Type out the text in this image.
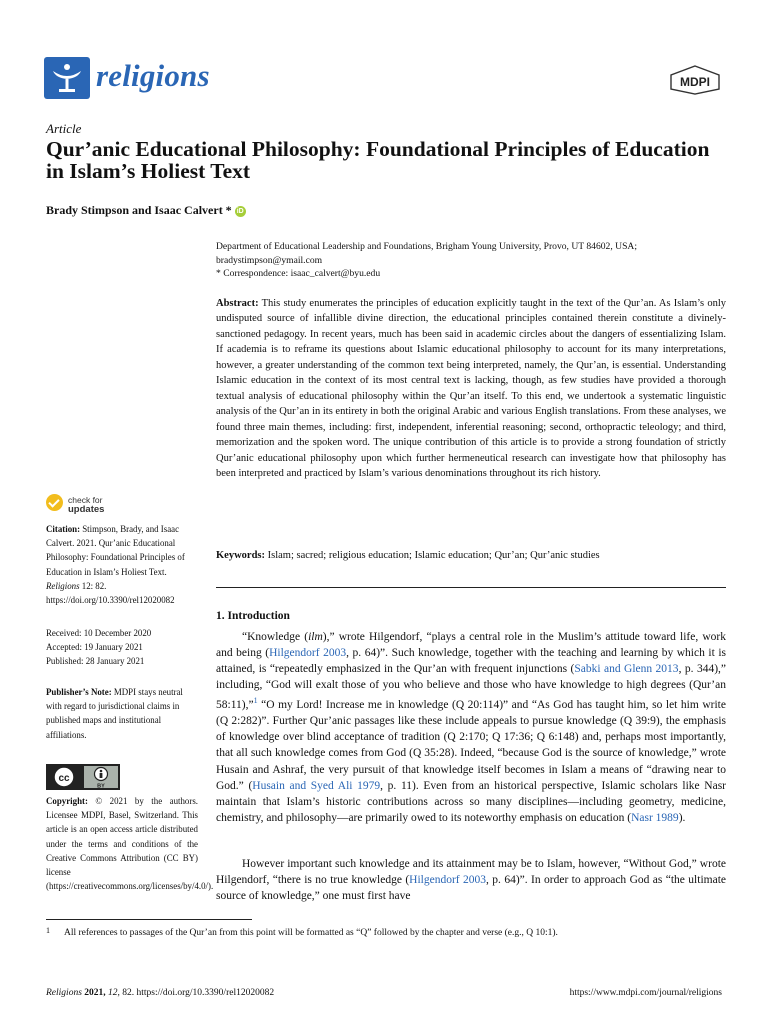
religions	MDPI
Article
Qur’anic Educational Philosophy: Foundational Principles of Education in Islam’s Holiest Text
Brady Stimpson and Isaac Calvert * iD
Department of Educational Leadership and Foundations, Brigham Young University, Provo, UT 84602, USA;
bradystimpson@ymail.com
* Correspondence: isaac_calvert@byu.edu

Abstract: This study enumerates the principles of education explicitly taught in the text of the Qur’an. As Islam’s only undisputed source of infallible divine direction, the educational principles contained therein constitute a divinely-sanctioned pedagogy. In recent years, much has been said in academic circles about the dangers of essentializing Islam. If academia is to reframe its questions about Islamic educational philosophy to account for its many interpretations, however, a greater understanding of the common text being interpreted, namely, the Qur’an, is essential. Understanding Islamic education in the context of its most central text is lacking, though, as few studies have provided a thorough textual analysis of educational philosophy within the Qur’an itself. To this end, we undertook a systematic linguistic analysis of the Qur’an in its entirety in both the original Arabic and various English translations. From these analyses, we found three main themes, including: first, independent, inferential reasoning; second, orthopractic teleology; and third, memorization and the spoken word. The unique contribution of this article is to provide a strong foundation of strictly Qur’anic educational philosophy upon which further hermeneutical research can investigate how that philosophy has been interpreted and practiced by Islam’s various denominations throughout its rich history.

Keywords: Islam; sacred; religious education; Islamic education; Qur’an; Qur’anic studies
1. Introduction

“Knowledge (ilm),” wrote Hilgendorf, “plays a central role in the Muslim’s attitude toward life, work and being (Hilgendorf 2003, p. 64)”. Such knowledge, together with the teaching and learning by which it is attained, is “repeatedly emphasized in the Qur’an with frequent injunctions (Sabki and Glenn 2013, p. 344),” including, “God will exalt those of you who believe and those who have knowledge to high degrees (Qur’an 58:11),”$^1$ “O my Lord! Increase me in knowledge (Q 20:114)” and “As God has taught him, so let him write (Q 2:282)”. Further Qur’anic passages like these include appeals to pursue knowledge (Q 39:9), the emphasis of knowledge over blind acceptance of tradition (Q 2:170; Q 17:36; Q 6:148) and, perhaps most importantly, that all such knowledge comes from God (Q 35:28). Indeed, “because God is the source of knowledge,” wrote Husain and Ashraf, the very pursuit of that knowledge itself becomes in Islam a means of “drawing near to God.” (Husain and Syed Ali 1979, p. 11). Even from an historical perspective, Islamic scholars like Nasr maintain that Islam’s historic contributions across so many disciplines—including geometry, medicine, chemistry, and philosophy—are primarily owed to its noteworthy emphasis on education (Nasr 1989).

However important such knowledge and its attainment may be to Islam, however, “Without God,” wrote Hilgendorf, “there is no true knowledge (Hilgendorf 2003, p. 64)”. In order to approach God as “the ultimate source of knowledge,” one must first have

1 All references to passages of the Qur’an from this point will be formatted as “Q” followed by the chapter and verse (e.g., Q 10:1).
check for
updates
Citation: Stimpson, Brady, and Isaac Calvert. 2021. Qur’anic Educational Philosophy: Foundational Principles of Education in Islam’s Holiest Text. Religions 12: 82. https://doi.org/10.3390/rel12020082
Received: 10 December 2020
Accepted: 19 January 2021
Published: 28 January 2021
Publisher’s Note: MDPI stays neutral with regard to jurisdictional claims in published maps and institutional affiliations.
cc
BY
Copyright: © 2021 by the authors. Licensee MDPI, Basel, Switzerland. This article is an open access article distributed under the terms and conditions of the Creative Commons Attribution (CC BY) license (https://creativecommons.org/licenses/by/4.0/).
Religions 2021, 12, 82. https://doi.org/10.3390/rel12020082	https://www.mdpi.com/journal/religions
